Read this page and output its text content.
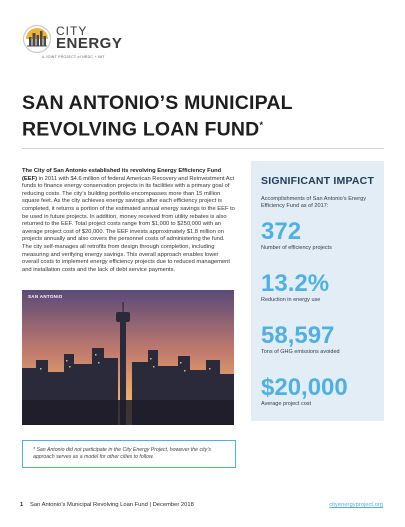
CITY
ENERGY
A JOINT PROJECT of NRDC + IMT
SAN ANTONIO’S MUNICIPAL REVOLVING LOAN FUND*

The City of San Antonio established its revolving Energy Efficiency Fund (EEF) in 2011 with $4.6 million of federal American Recovery and Reinvestment Act funds to finance energy conservation projects in its facilities with a primary goal of reducing costs. The city’s building portfolio encompasses more than 15 million square feet. As the city achieves energy savings after each efficiency project is completed, it returns a portion of the estimated annual energy savings to the EEF to be used in future projects. In addition, money received from utility rebates is also returned to the EEF. Total project costs range from $1,000 to $250,000 with an average project cost of $20,000. The EEF invests approximately $1.8 million on projects annually and also covers the personnel costs of administering the fund. The city self-manages all retrofits from design through completion, including measuring and verifying energy savings. This overall approach enables lower overall costs to implement energy efficiency projects due to reduced management and installation costs and the lack of debt service payments.

SAN ANTONIO
SIGNIFICANT IMPACT
Accomplishments of San Antonio’s Energy Efficiency Fund as of 2017:
372
Number of efficiency projects
13.2%
Reduction in energy use
58,597
Tons of GHG emissions avoided
$20,000
Average project cost
* San Antonio did not participate in the City Energy Project, however the city’s approach serves as a model for other cities to follow.
1 San Antonio’s Municipal Revolving Loan Fund | December 2018	cityenergyproject.org
